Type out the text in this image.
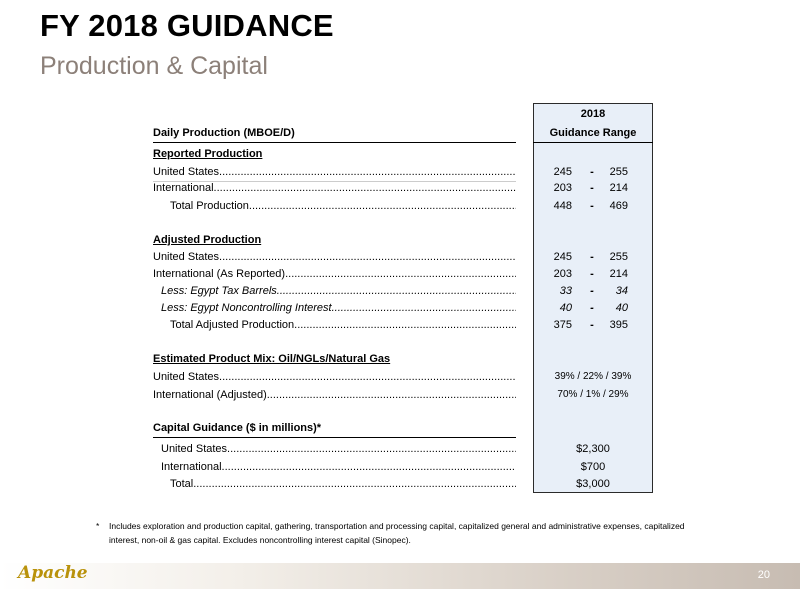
FY 2018 GUIDANCE
Production & Capital
2018
Guidance Range
Daily Production (MBOE/D)
Reported Production
United States .....	245	-	255
International .....	203	-	214
Total Production .....	448	-	469
Adjusted Production
United States .....	245	-	255
International (As Reported) .....	203	-	214
Less: Egypt Tax Barrels .....	33	-	34
Less: Egypt Noncontrolling Interest .....	40	-	40
Total Adjusted Production .....	375	-	395
Estimated Product Mix: Oil/NGLs/Natural Gas
United States .....	39% / 22% / 39%
International (Adjusted) .....	70% / 1% / 29%
Capital Guidance ($ in millions)*
United States .....	$2,300
International .....	$700
Total .....	$3,000
* Includes exploration and production capital, gathering, transportation and processing capital, capitalized general and administrative expenses, capitalized interest, non-oil & gas capital. Excludes noncontrolling interest capital (Sinopec).
Apache	20
